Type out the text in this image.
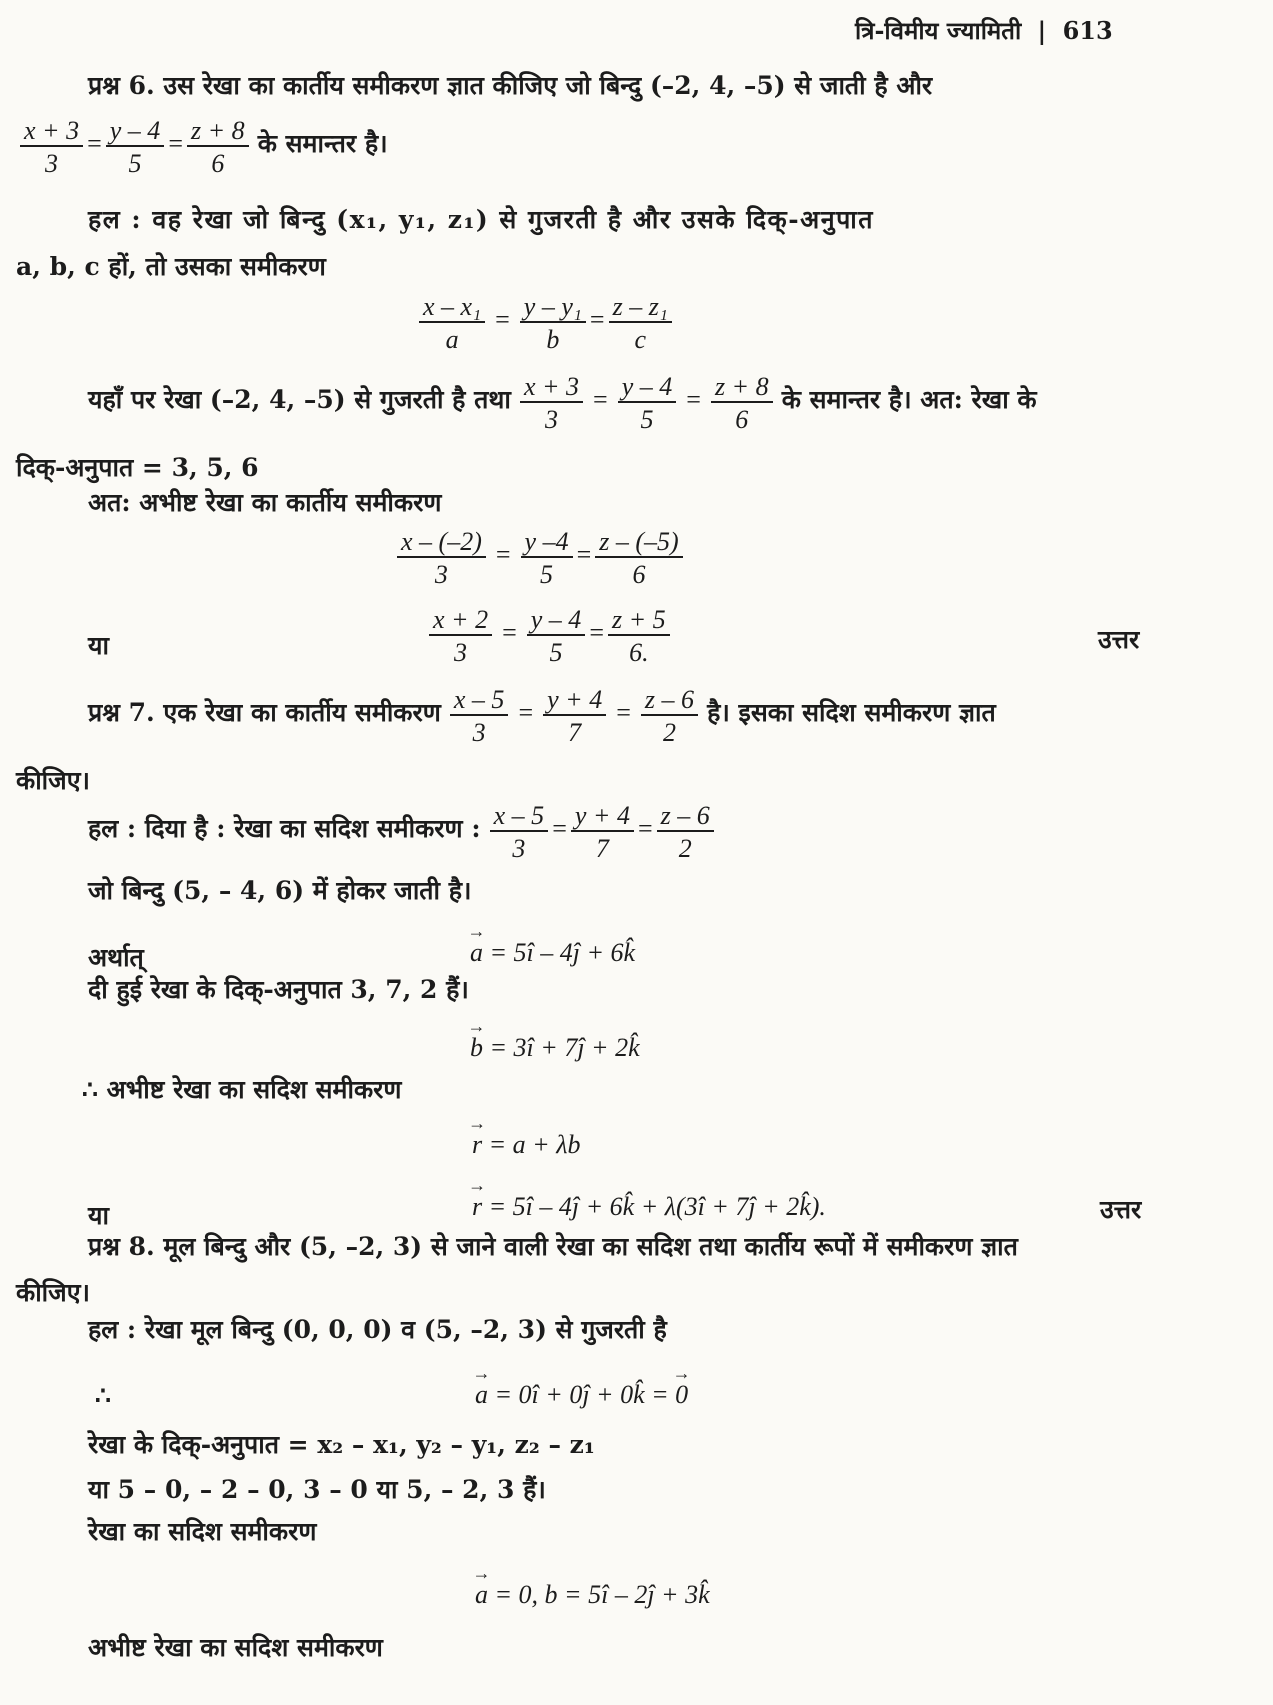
त्रि-विमीय ज्यामिती | 613
प्रश्न 6. उस रेखा का कार्तीय समीकरण ज्ञात कीजिए जो बिन्दु (–2, 4, –5) से जाती है और
$\frac{x + 3}{3} = \frac{y - 4}{5} = \frac{z + 8}{6}$ के समान्तर है।
हल : वह रेखा जो बिन्दु (x₁, y₁, z₁) से गुजरती है और उसके दिक्-अनुपात
a, b, c हों, तो उसका समीकरण
$\frac{\text{x – x₁}}{a} = \frac{\text{y – y₁}}{b} = \frac{\text{z – z₁}}{c}$
यहाँ पर रेखा (–2, 4, –5) से गुजरती है तथा $\frac{x + 3}{3} = \frac{y - 4}{5} = \frac{z + 8}{6}$ के समान्तर है। अत: रेखा के
दिक्-अनुपात = 3, 5, 6
अत: अभीष्ट रेखा का कार्तीय समीकरण
$\frac{x - (-2)}{3} = \frac{y -4}{5} = \frac{z - (-5)}{6}$
या	$\frac{x + 2}{3} = \frac{y - 4}{5} = \frac{z + 5}{6.}$	उत्तर
प्रश्न 7. एक रेखा का कार्तीय समीकरण $\frac{x - 5}{3} = \frac{y + 4}{7} = \frac{z - 6}{2}$ है। इसका सदिश समीकरण ज्ञात
कीजिए।
हल : दिया है : रेखा का सदिश समीकरण : $\frac{x - 5}{3} = \frac{y + 4}{7} = \frac{z - 6}{2}$
जो बिन्दु (5, – 4, 6) में होकर जाती है।
अर्थात्	→ a = 5î – 4ĵ + 6k̂
दी हुई रेखा के दिक्-अनुपात 3, 7, 2 हैं।
→ b = 3î + 7ĵ + 2k̂
∴ अभीष्ट रेखा का सदिश समीकरण
→ r = a + λb
या	→ r = 5î – 4ĵ + 6k̂ + λ(3î + 7ĵ + 2k̂).	उत्तर
प्रश्न 8. मूल बिन्दु और (5, –2, 3) से जाने वाली रेखा का सदिश तथा कार्तीय रूपों में समीकरण ज्ञात
कीजिए।
हल : रेखा मूल बिन्दु (0, 0, 0) व (5, –2, 3) से गुजरती है
∴	→ a = 0î + 0ĵ + 0k̂ = → 0
रेखा के दिक्-अनुपात = x₂ – x₁, y₂ – y₁, z₂ – z₁
या 5 – 0, – 2 – 0, 3 – 0 या 5, – 2, 3 हैं।
रेखा का सदिश समीकरण
→ a = 0, b = 5î – 2ĵ + 3k̂
अभीष्ट रेखा का सदिश समीकरण
